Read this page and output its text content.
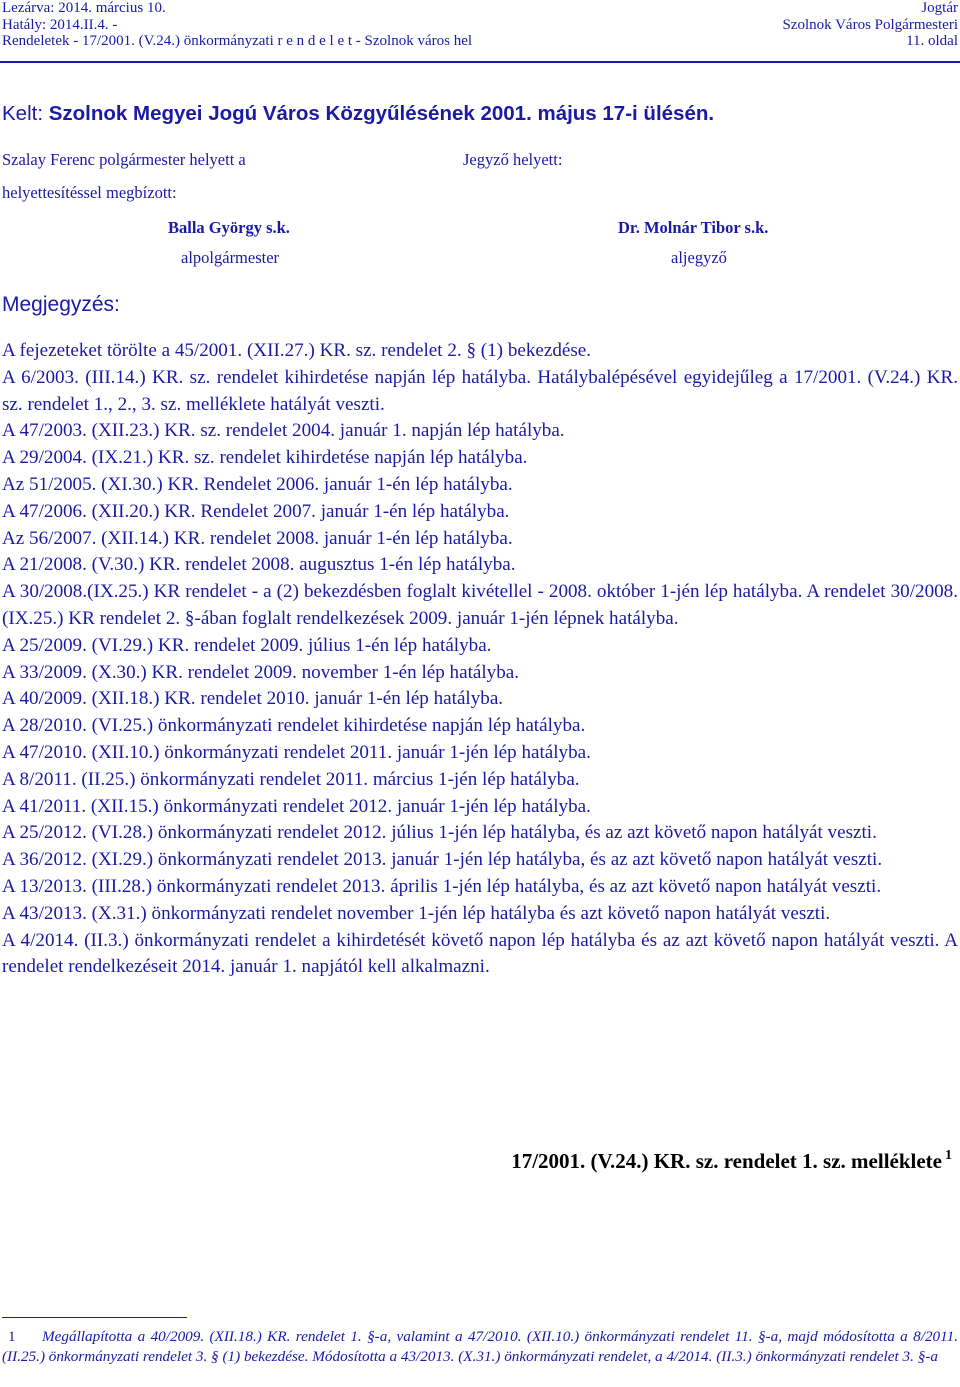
Lezárva: 2014. március 10.
Hatály: 2014.II.4. -
Rendeletek - 17/2001. (V.24.) önkormányzati r e n d e l e t - Szolnok város hel
Jogtár
Szolnok Város Polgármesteri
11. oldal
Kelt: Szolnok Megyei Jogú Város Közgyűlésének 2001. május 17-i ülésén.
Szalay Ferenc polgármester helyett a
helyettesítéssel megbízott:
Balla György s.k.
alpolgármester
Jegyző helyett:
Dr. Molnár Tibor s.k.
aljegyző
Megjegyzés:

A fejezeteket törölte a 45/2001. (XII.27.) KR. sz. rendelet 2. § (1) bekezdése.

A 6/2003. (III.14.) KR. sz. rendelet kihirdetése napján lép hatályba. Hatálybalépésével egyidejűleg a 17/2001. (V.24.) KR. sz. rendelet 1., 2., 3. sz. melléklete hatályát veszti.

A 47/2003. (XII.23.) KR. sz. rendelet 2004. január 1. napján lép hatályba.

A 29/2004. (IX.21.) KR. sz. rendelet kihirdetése napján lép hatályba.

Az 51/2005. (XI.30.) KR. Rendelet 2006. január 1-én lép hatályba.

A 47/2006. (XII.20.) KR. Rendelet 2007. január 1-én lép hatályba.

Az 56/2007. (XII.14.) KR. rendelet 2008. január 1-én lép hatályba.

A 21/2008. (V.30.) KR. rendelet 2008. augusztus 1-én lép hatályba.

A 30/2008.(IX.25.) KR rendelet - a (2) bekezdésben foglalt kivétellel - 2008. október 1-jén lép hatályba. A rendelet 30/2008.(IX.25.) KR rendelet 2. §-ában foglalt rendelkezések 2009. január 1-jén lépnek hatályba.

A 25/2009. (VI.29.) KR. rendelet 2009. július 1-én lép hatályba.

A 33/2009. (X.30.) KR. rendelet 2009. november 1-én lép hatályba.

A 40/2009. (XII.18.) KR. rendelet 2010. január 1-én lép hatályba.

A 28/2010. (VI.25.) önkormányzati rendelet kihirdetése napján lép hatályba.

A 47/2010. (XII.10.) önkormányzati rendelet 2011. január 1-jén lép hatályba.

A 8/2011. (II.25.) önkormányzati rendelet 2011. március 1-jén lép hatályba.

A 41/2011. (XII.15.) önkormányzati rendelet 2012. január 1-jén lép hatályba.

A 25/2012. (VI.28.) önkormányzati rendelet 2012. július 1-jén lép hatályba, és az azt követő napon hatályát veszti.

A 36/2012. (XI.29.) önkormányzati rendelet 2013. január 1-jén lép hatályba, és az azt követő napon hatályát veszti.

A 13/2013. (III.28.) önkormányzati rendelet 2013. április 1-jén lép hatályba, és az azt követő napon hatályát veszti.

A 43/2013. (X.31.) önkormányzati rendelet november 1-jén lép hatályba és azt követő napon hatályát veszti.

A 4/2014. (II.3.) önkormányzati rendelet a kihirdetését követő napon lép hatályba és az azt követő napon hatályát veszti. A rendelet rendelkezéseit 2014. január 1. napjától kell alkalmazni.

17/2001. (V.24.) KR. sz. rendelet 1. sz. melléklete $^1$
1 Megállapította a 40/2009. (XII.18.) KR. rendelet 1. §-a, valamint a 47/2010. (XII.10.) önkormányzati rendelet 11. §-a, majd módosította a 8/2011. (II.25.) önkormányzati rendelet 3. § (1) bekezdése. Módosította a 43/2013. (X.31.) önkormányzati rendelet, a 4/2014. (II.3.) önkormányzati rendelet 3. §-a
